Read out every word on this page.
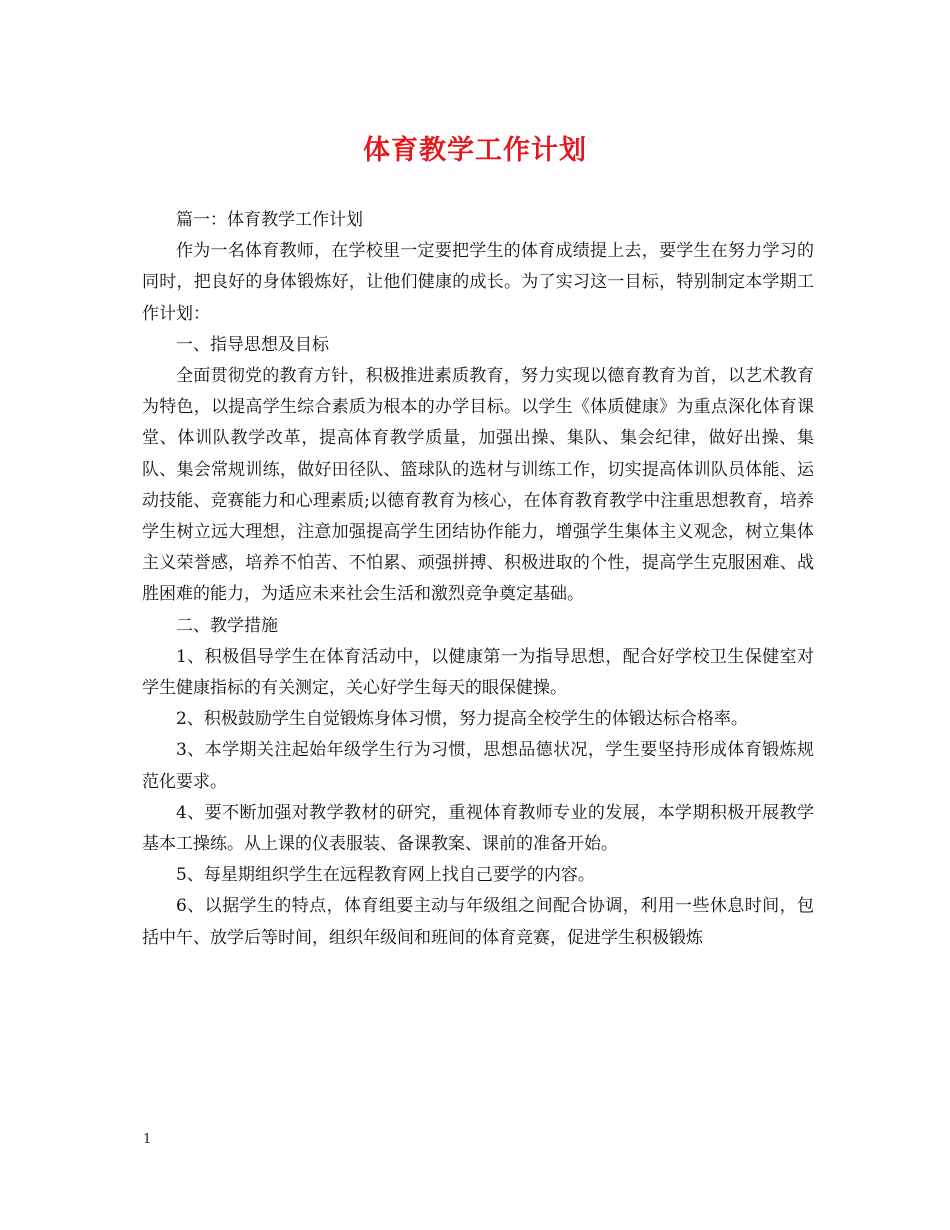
体育教学工作计划

篇一：体育教学工作计划

作为一名体育教师，在学校里一定要把学生的体育成绩提上去，要学生在努力学习的同时，把良好的身体锻炼好，让他们健康的成长。为了实习这一目标，特别制定本学期工作计划：

一、指导思想及目标

全面贯彻党的教育方针，积极推进素质教育，努力实现以德育教育为首，以艺术教育为特色，以提高学生综合素质为根本的办学目标。以学生《体质健康》为重点深化体育课堂、体训队教学改革，提高体育教学质量，加强出操、集队、集会纪律，做好出操、集队、集会常规训练，做好田径队、篮球队的选材与训练工作，切实提高体训队员体能、运动技能、竞赛能力和心理素质;以德育教育为核心，在体育教育教学中注重思想教育，培养学生树立远大理想，注意加强提高学生团结协作能力，增强学生集体主义观念，树立集体主义荣誉感，培养不怕苦、不怕累、顽强拼搏、积极进取的个性，提高学生克服困难、战胜困难的能力，为适应未来社会生活和激烈竞争奠定基础。

二、教学措施

1、积极倡导学生在体育活动中，以健康第一为指导思想，配合好学校卫生保健室对学生健康指标的有关测定，关心好学生每天的眼保健操。

2、积极鼓励学生自觉锻炼身体习惯，努力提高全校学生的体锻达标合格率。

3、本学期关注起始年级学生行为习惯，思想品德状况，学生要坚持形成体育锻炼规范化要求。

4、要不断加强对教学教材的研究，重视体育教师专业的发展，本学期积极开展教学基本工操练。从上课的仪表服装、备课教案、课前的准备开始。

5、每星期组织学生在远程教育网上找自己要学的内容。

6、以据学生的特点，体育组要主动与年级组之间配合协调，利用一些休息时间，包括中午、放学后等时间，组织年级间和班间的体育竞赛，促进学生积极锻炼

1
